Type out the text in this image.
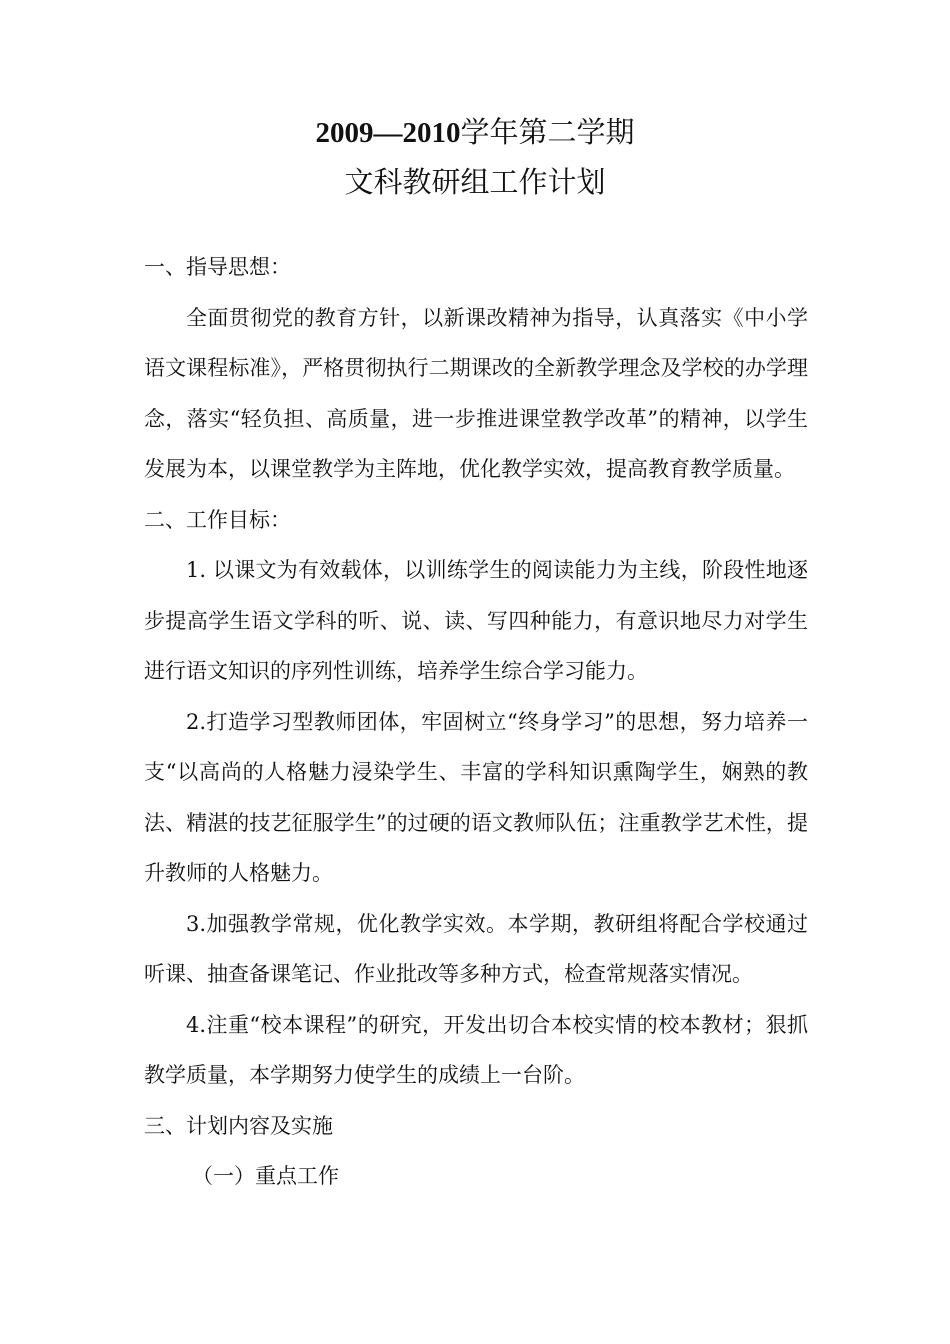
2009—2010学年第二学期
文科教研组工作计划

一、指导思想：

全面贯彻党的教育方针，以新课改精神为指导，认真落实《中小学语文课程标准》，严格贯彻执行二期课改的全新教学理念及学校的办学理念，落实“轻负担、高质量，进一步推进课堂教学改革”的精神，以学生发展为本，以课堂教学为主阵地，优化教学实效，提高教育教学质量。

二、工作目标：

1. 以课文为有效载体，以训练学生的阅读能力为主线，阶段性地逐步提高学生语文学科的听、说、读、写四种能力，有意识地尽力对学生进行语文知识的序列性训练，培养学生综合学习能力。

2.打造学习型教师团体，牢固树立“终身学习”的思想，努力培养一支“以高尚的人格魅力浸染学生、丰富的学科知识熏陶学生，娴熟的教法、精湛的技艺征服学生”的过硬的语文教师队伍；注重教学艺术性，提升教师的人格魅力。

3.加强教学常规，优化教学实效。本学期，教研组将配合学校通过听课、抽查备课笔记、作业批改等多种方式，检查常规落实情况。

4.注重“校本课程”的研究，开发出切合本校实情的校本教材；狠抓教学质量，本学期努力使学生的成绩上一台阶。

三、计划内容及实施

（一）重点工作
